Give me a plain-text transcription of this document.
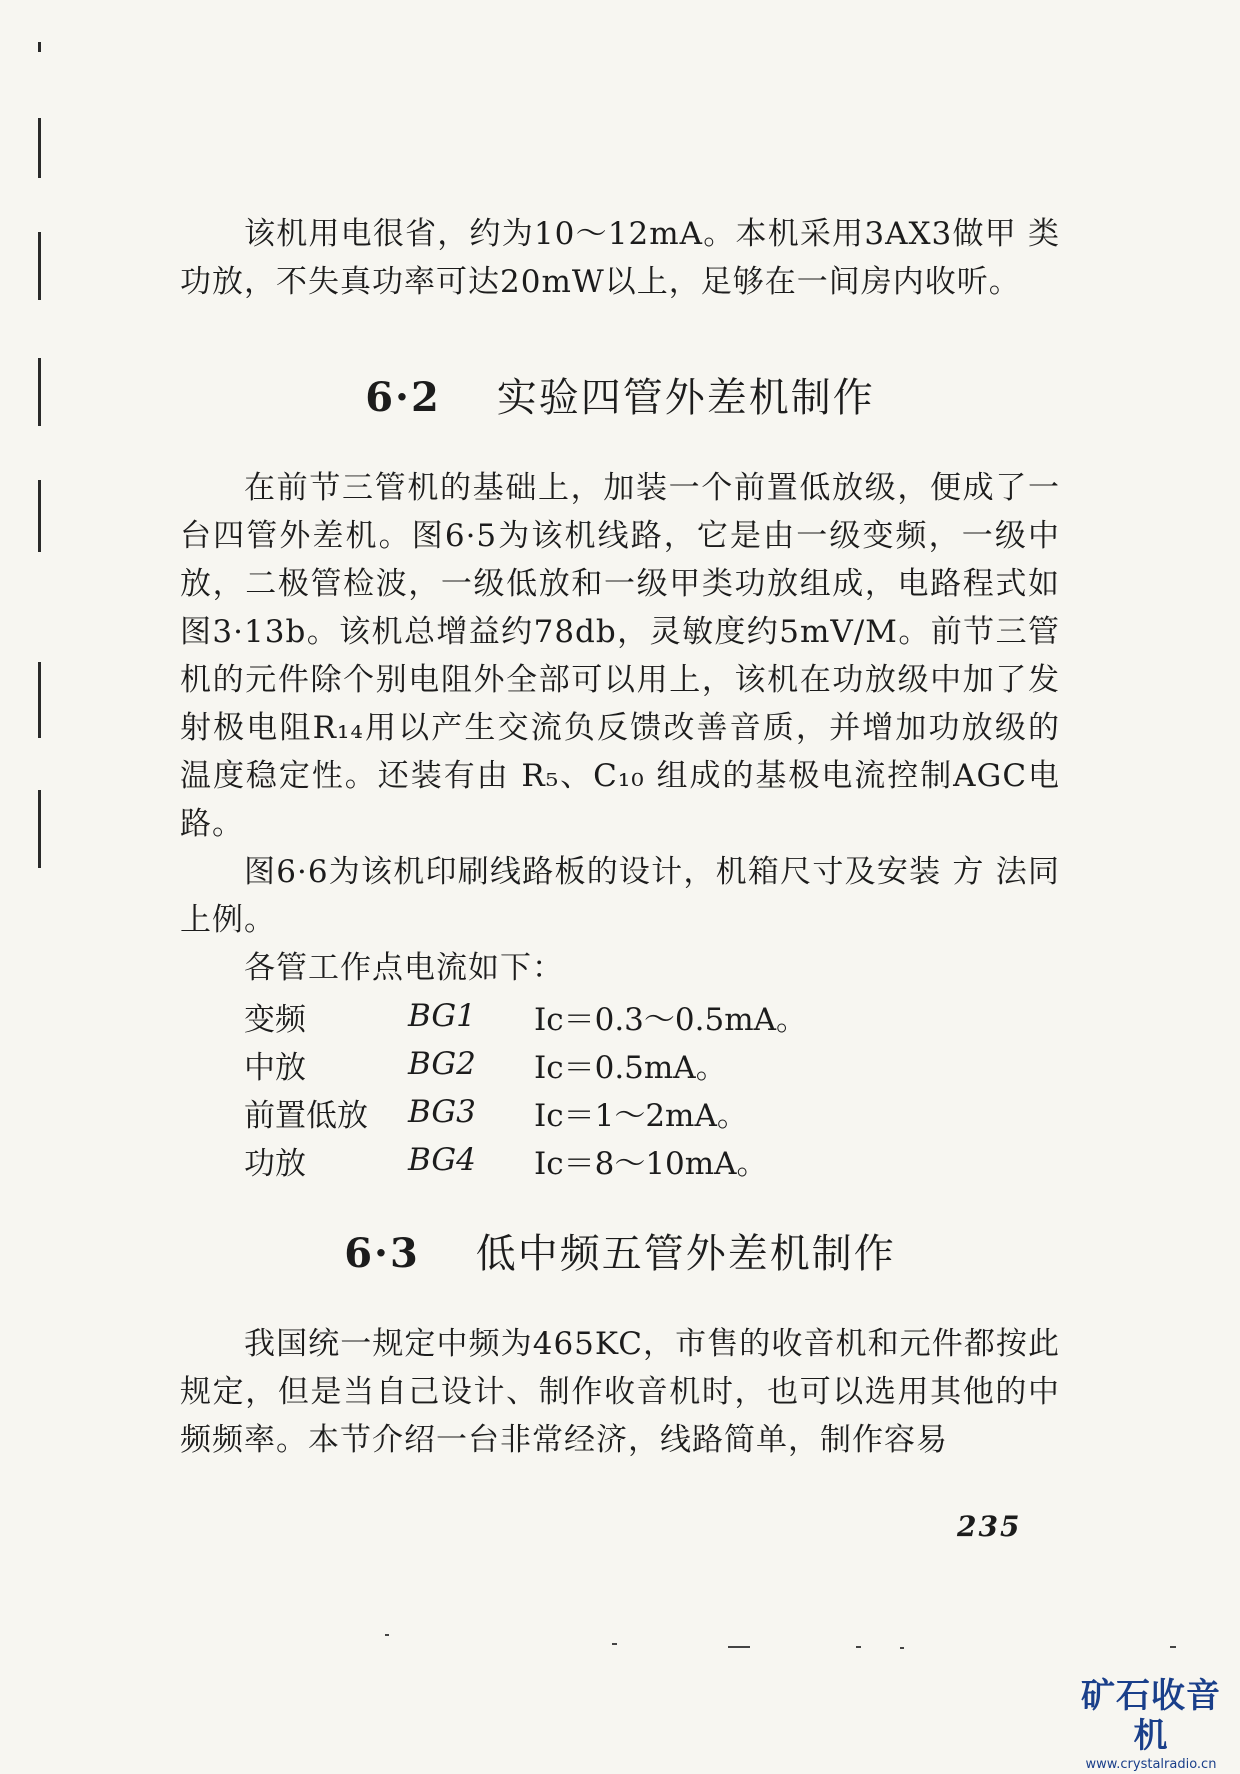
该机用电很省，约为10～12mA。本机采用3AX3做甲 类功放，不失真功率可达20mW以上，足够在一间房内收听。

6·2 实验四管外差机制作

在前节三管机的基础上，加装一个前置低放级，便成了一台四管外差机。图6·5为该机线路，它是由一级变频，一级中放，二极管检波，一级低放和一级甲类功放组成，电路程式如图3·13b。该机总增益约78db，灵敏度约5mV/M。前节三管机的元件除个别电阻外全部可以用上，该机在功放级中加了发射极电阻R₁₄用以产生交流负反馈改善音质，并增加功放级的温度稳定性。还装有由 R₅、C₁₀ 组成的基极电流控制AGC电路。

图6·6为该机印刷线路板的设计，机箱尺寸及安装 方 法同上例。

各管工作点电流如下：

变频	BG1	Ic＝0.3～0.5mA。
中放	BG2	Ic＝0.5mA。
前置低放	BG3	Ic＝1～2mA。
功放	BG4	Ic＝8～10mA。
6·3 低中频五管外差机制作

我国统一规定中频为465KC，市售的收音机和元件都按此规定，但是当自己设计、制作收音机时，也可以选用其他的中频频率。本节介绍一台非常经济，线路简单，制作容易

235
矿石收音机
www.crystalradio.cn
